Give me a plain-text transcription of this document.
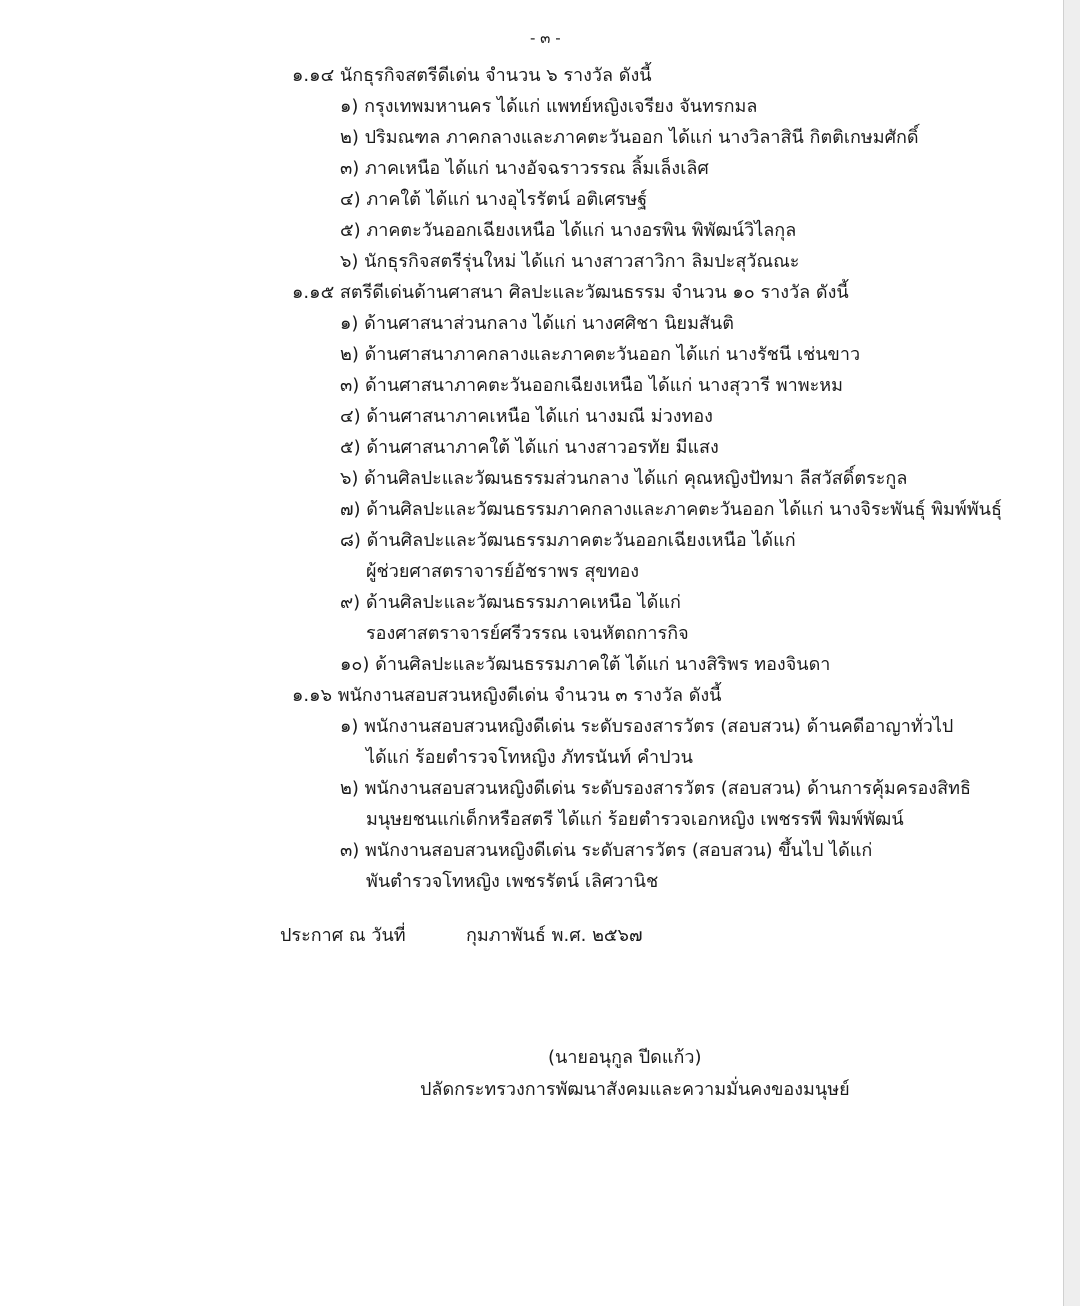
- ๓ -
๑.๑๔ นักธุรกิจสตรีดีเด่น จำนวน ๖ รางวัล ดังนี้
๑) กรุงเทพมหานคร ได้แก่ แพทย์หญิงเจรียง จันทรกมล
๒) ปริมณฑล ภาคกลางและภาคตะวันออก ได้แก่ นางวิลาสินี กิตติเกษมศักดิ์
๓) ภาคเหนือ ได้แก่ นางอัจฉราวรรณ ลิ้มเล็งเลิศ
๔) ภาคใต้ ได้แก่ นางอุไรรัตน์ อติเศรษฐ์
๕) ภาคตะวันออกเฉียงเหนือ ได้แก่ นางอรพิน พิพัฒน์วิไลกุล
๖) นักธุรกิจสตรีรุ่นใหม่ ได้แก่ นางสาวสาวิกา ลิมปะสุวัณณะ
๑.๑๕ สตรีดีเด่นด้านศาสนา ศิลปะและวัฒนธรรม จำนวน ๑๐ รางวัล ดังนี้
๑) ด้านศาสนาส่วนกลาง ได้แก่ นางศศิชา นิยมสันติ
๒) ด้านศาสนาภาคกลางและภาคตะวันออก ได้แก่ นางรัชนี เช่นขาว
๓) ด้านศาสนาภาคตะวันออกเฉียงเหนือ ได้แก่ นางสุวารี พาพะหม
๔) ด้านศาสนาภาคเหนือ ได้แก่ นางมณี ม่วงทอง
๕) ด้านศาสนาภาคใต้ ได้แก่ นางสาวอรทัย มีแสง
๖) ด้านศิลปะและวัฒนธรรมส่วนกลาง ได้แก่ คุณหญิงปัทมา ลีสวัสดิ์ตระกูล
๗) ด้านศิลปะและวัฒนธรรมภาคกลางและภาคตะวันออก ได้แก่ นางจิระพันธุ์ พิมพ์พันธุ์
๘) ด้านศิลปะและวัฒนธรรมภาคตะวันออกเฉียงเหนือ ได้แก่
ผู้ช่วยศาสตราจารย์อัชราพร สุขทอง
๙) ด้านศิลปะและวัฒนธรรมภาคเหนือ ได้แก่
รองศาสตราจารย์ศรีวรรณ เจนหัตถการกิจ
๑๐) ด้านศิลปะและวัฒนธรรมภาคใต้ ได้แก่ นางสิริพร ทองจินดา
๑.๑๖ พนักงานสอบสวนหญิงดีเด่น จำนวน ๓ รางวัล ดังนี้
๑) พนักงานสอบสวนหญิงดีเด่น ระดับรองสารวัตร (สอบสวน) ด้านคดีอาญาทั่วไป
ได้แก่ ร้อยตำรวจโทหญิง ภัทรนันท์ คำปวน
๒) พนักงานสอบสวนหญิงดีเด่น ระดับรองสารวัตร (สอบสวน) ด้านการคุ้มครองสิทธิ
มนุษยชนแก่เด็กหรือสตรี ได้แก่ ร้อยตำรวจเอกหญิง เพชรรพี พิมพ์พัฒน์
๓) พนักงานสอบสวนหญิงดีเด่น ระดับสารวัตร (สอบสวน) ขึ้นไป ได้แก่
พันตำรวจโทหญิง เพชรรัตน์ เลิศวานิช
ประกาศ ณ วันที่	กุมภาพันธ์ พ.ศ. ๒๕๖๗
(นายอนุกูล ปีดแก้ว)
ปลัดกระทรวงการพัฒนาสังคมและความมั่นคงของมนุษย์
